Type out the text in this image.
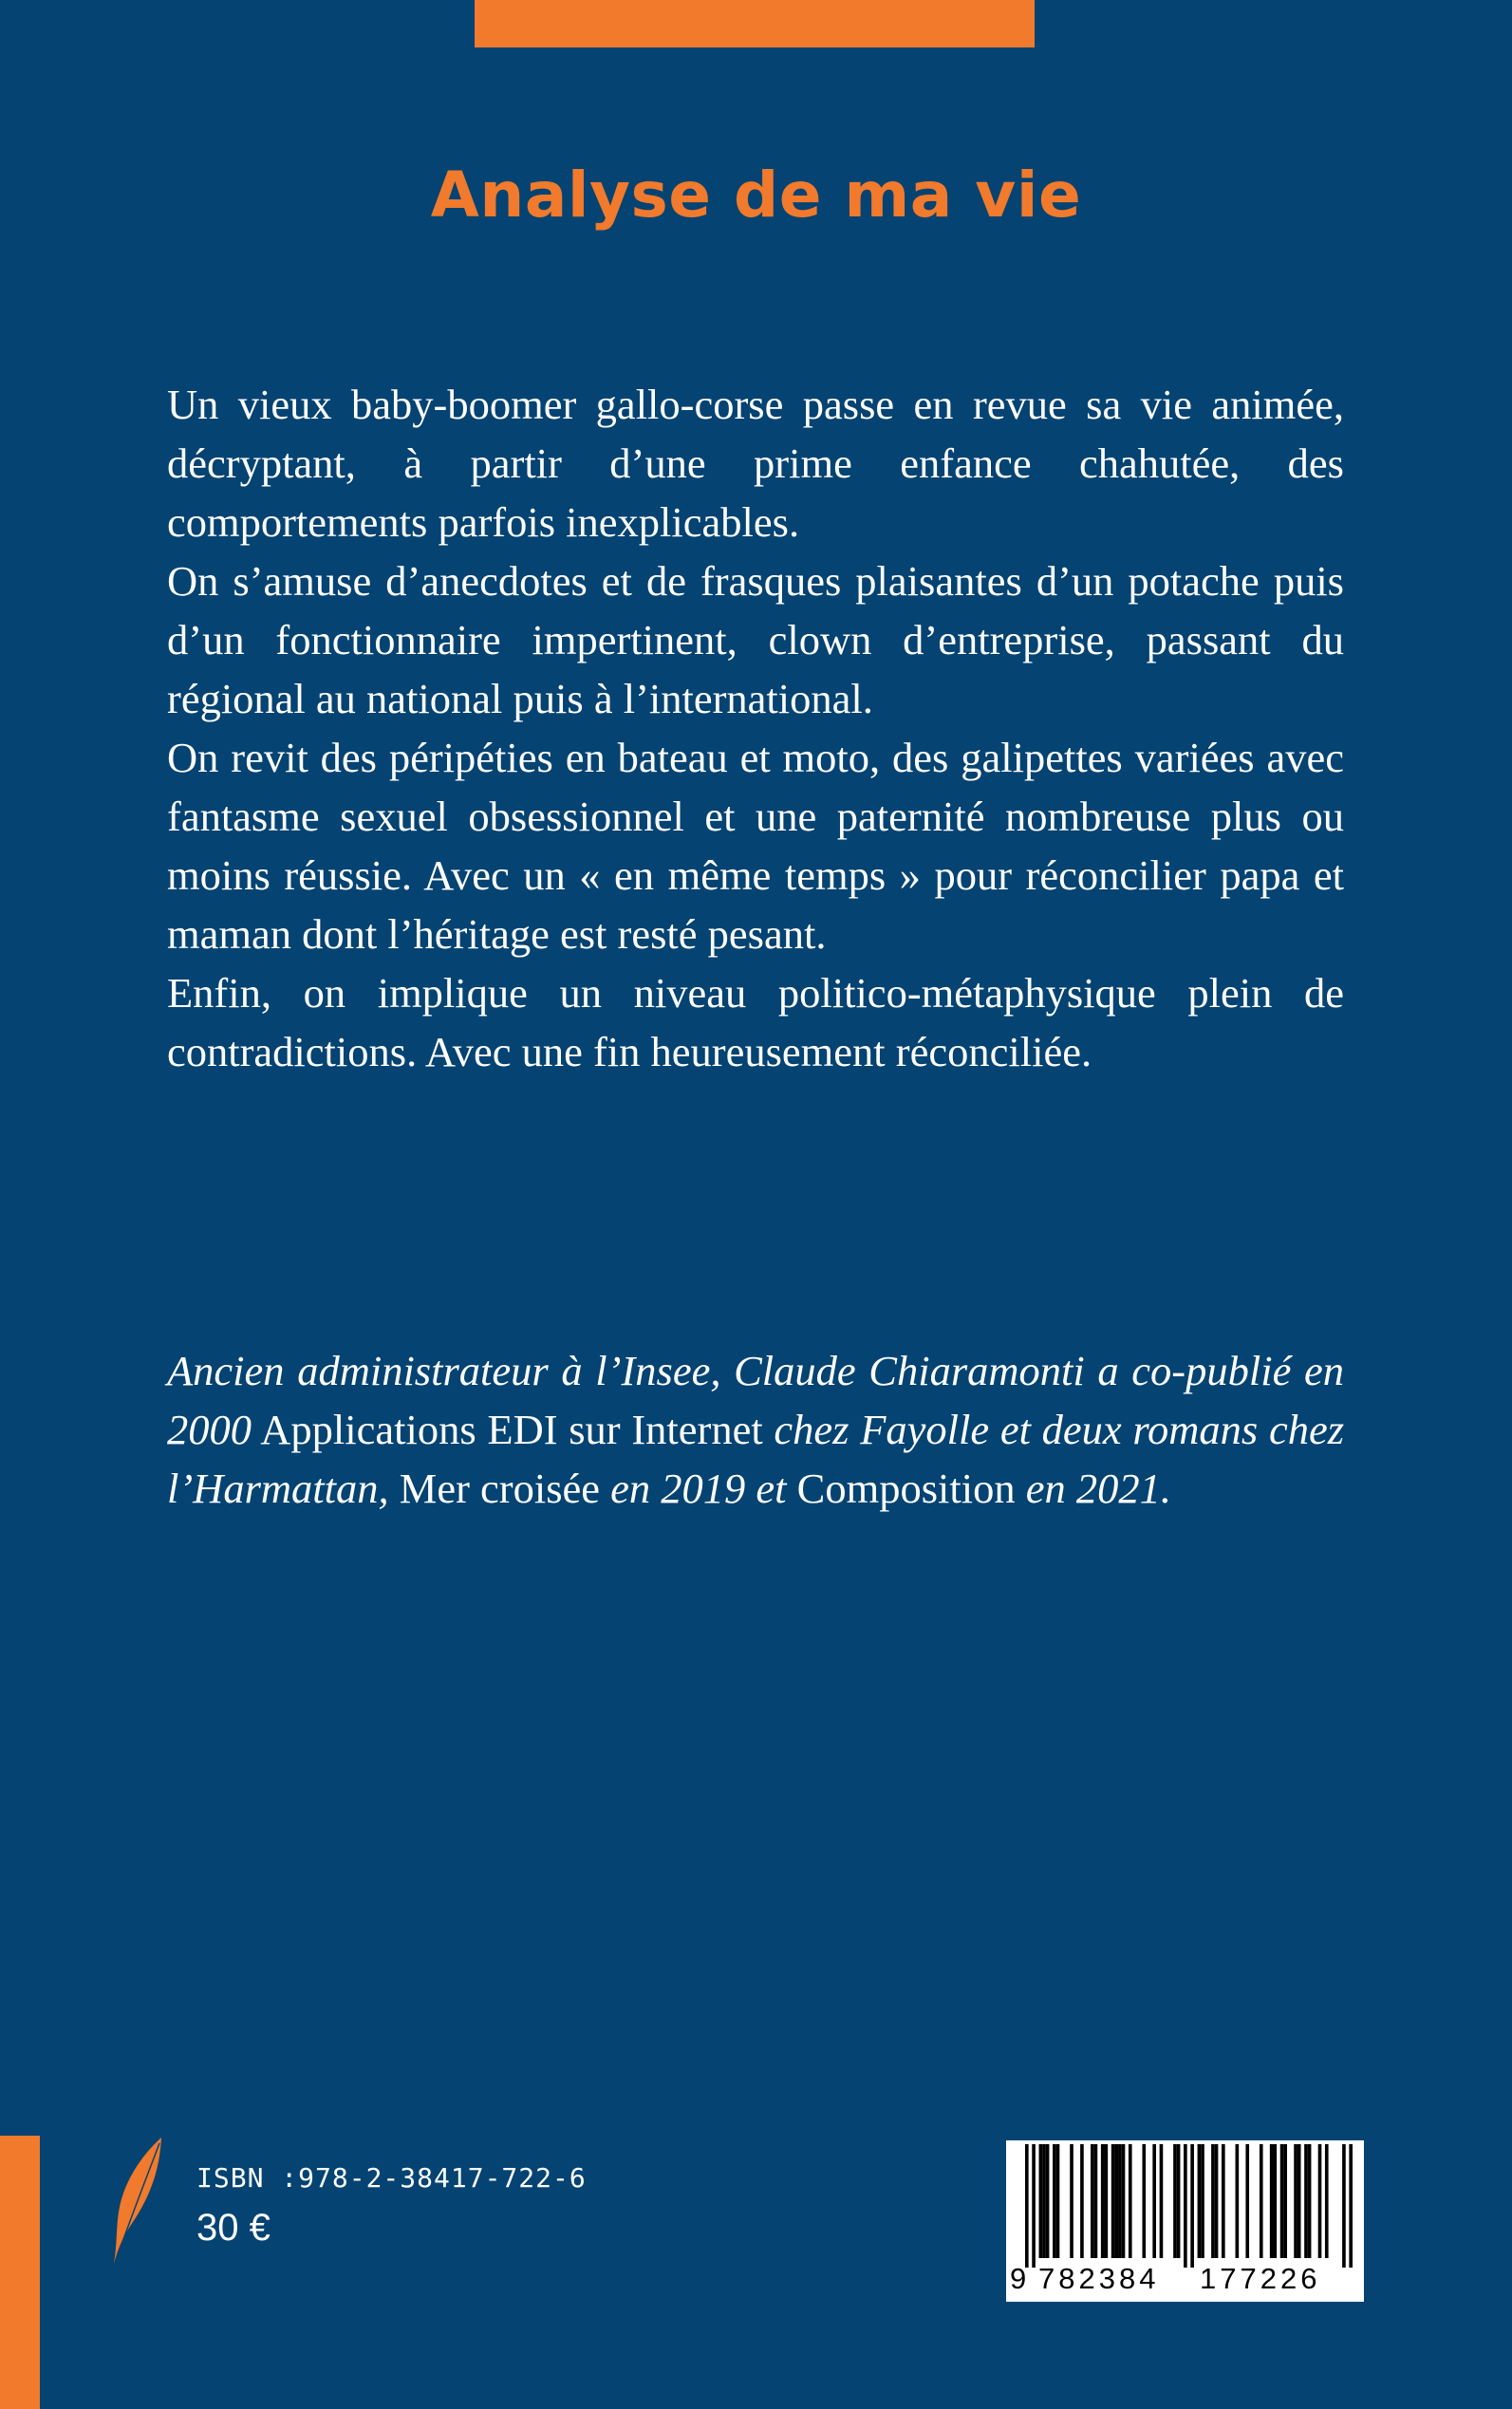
Analyse de ma vie

Un vieux baby-boomer gallo-corse passe en revue sa vie animée, décryptant, à partir d’une prime enfance chahutée, des comportements parfois inexplicables.

On s’amuse d’anecdotes et de frasques plaisantes d’un potache puis d’un fonctionnaire impertinent, clown d’entreprise, passant du régional au national puis à l’international.

On revit des péripéties en bateau et moto, des galipettes variées avec fantasme sexuel obsessionnel et une paternité nombreuse plus ou moins réussie. Avec un « en même temps » pour réconcilier papa et maman dont l’héritage est resté pesant.

Enfin, on implique un niveau politico-métaphysique plein de contradictions. Avec une fin heureusement réconciliée.

Ancien administrateur à l’Insee, Claude Chiaramonti a co-publié en 2000 Applications EDI sur Internet chez Fayolle et deux romans chez l’Harmattan, Mer croisée en 2019 et Composition en 2021.

ISBN :978-2-38417-722-6
30 €
9 782384 177226
